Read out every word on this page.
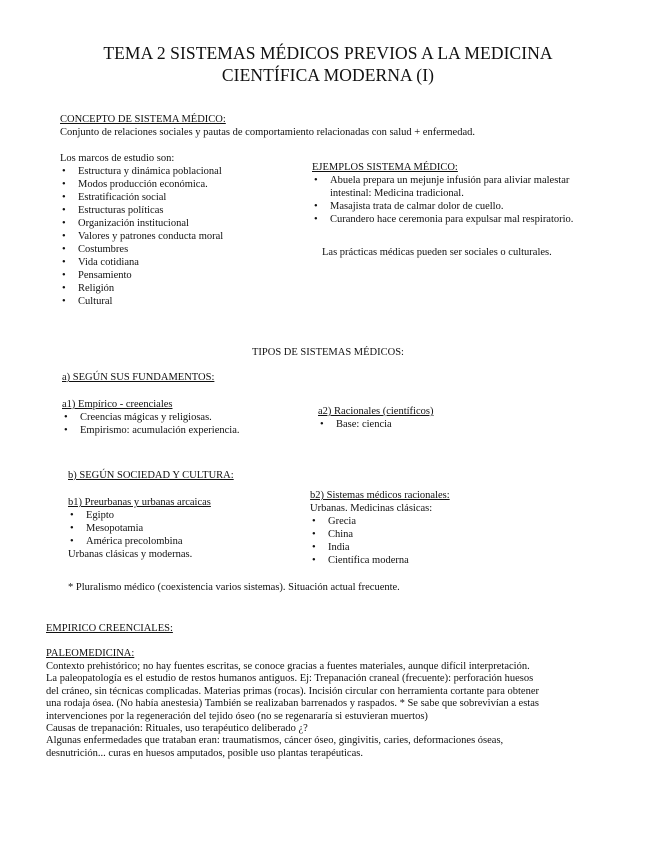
TEMA 2 SISTEMAS MÉDICOS PREVIOS A LA MEDICINA
CIENTÍFICA MODERNA (I)
CONCEPTO DE SISTEMA MÉDICO:
Conjunto de relaciones sociales y pautas de comportamiento relacionadas con salud + enfermedad.
Los marcos de estudio son:
• Estructura y dinámica poblacional
• Modos producción económica.
• Estratificación social
• Estructuras políticas
• Organización institucional
• Valores y patrones conducta moral
• Costumbres
• Vida cotidiana
• Pensamiento
• Religión
• Cultural
EJEMPLOS SISTEMA MÉDICO:
• Abuela prepara un mejunje infusión para aliviar malestar intestinal: Medicina tradicional.
• Masajista trata de calmar dolor de cuello.
• Curandero hace ceremonia para expulsar mal respiratorio.
Las prácticas médicas pueden ser sociales o culturales.
TIPOS DE SISTEMAS MÉDICOS:
a) SEGÚN SUS FUNDAMENTOS:
a1) Empírico - creenciales
• Creencias mágicas y religiosas.
• Empirismo: acumulación experiencia.
a2) Racionales (científicos)
• Base: ciencia
b) SEGÚN SOCIEDAD Y CULTURA:
b1) Preurbanas y urbanas arcaicas
• Egipto
• Mesopotamia
• América precolombina
Urbanas clásicas y modernas.
b2) Sistemas médicos racionales:
Urbanas. Medicinas clásicas:
• Grecia
• China
• India
• Científica moderna
* Pluralismo médico (coexistencia varios sistemas). Situación actual frecuente.
EMPIRICO CREENCIALES:
PALEOMEDICINA:
Contexto prehistórico; no hay fuentes escritas, se conoce gracias a fuentes materiales, aunque difícil interpretación.
La paleopatología es el estudio de restos humanos antiguos. Ej: Trepanación craneal (frecuente): perforación huesos
del cráneo, sin técnicas complicadas. Materias primas (rocas). Incisión circular con herramienta cortante para obtener
una rodaja ósea. (No había anestesia) También se realizaban barrenados y raspados. * Se sabe que sobrevivían a estas
intervenciones por la regeneración del tejido óseo (no se regenararía si estuvieran muertos)
Causas de trepanación: Rituales, uso terapéutico deliberado ¿?
Algunas enfermedades que trataban eran: traumatismos, cáncer óseo, gingivitis, caries, deformaciones óseas,
desnutrición... curas en huesos amputados, posible uso plantas terapéuticas.
